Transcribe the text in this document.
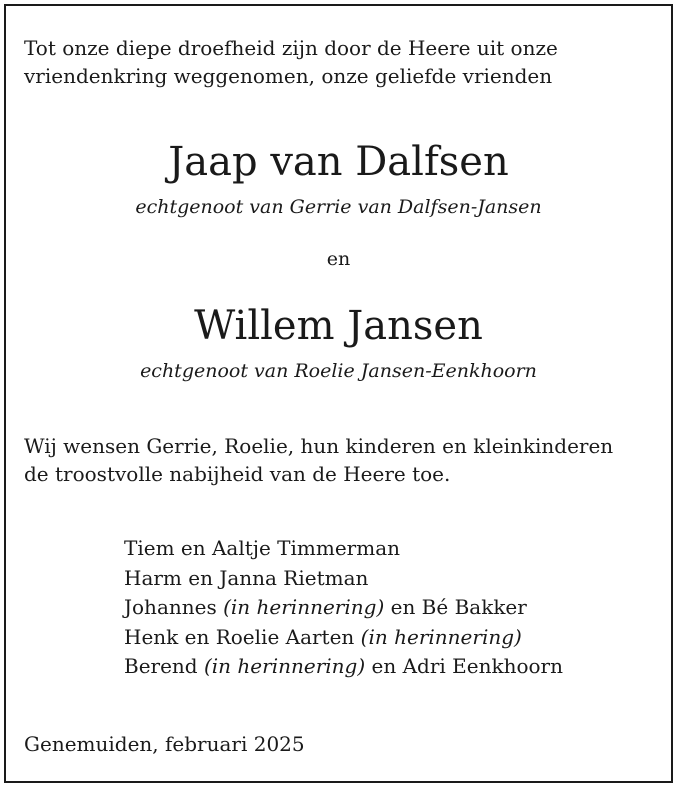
Tot onze diepe droefheid zijn door de Heere uit onze
vriendenkring weggenomen, onze geliefde vrienden

Jaap van Dalfsen

echtgenoot van Gerrie van Dalfsen-Jansen

en

Willem Jansen

echtgenoot van Roelie Jansen-Eenkhoorn

Wij wensen Gerrie, Roelie, hun kinderen en kleinkinderen
de troostvolle nabijheid van de Heere toe.

Tiem en Aaltje Timmerman
Harm en Janna Rietman
Johannes (in herinnering) en Bé Bakker
Henk en Roelie Aarten (in herinnering)
Berend (in herinnering) en Adri Eenkhoorn

Genemuiden, februari 2025
